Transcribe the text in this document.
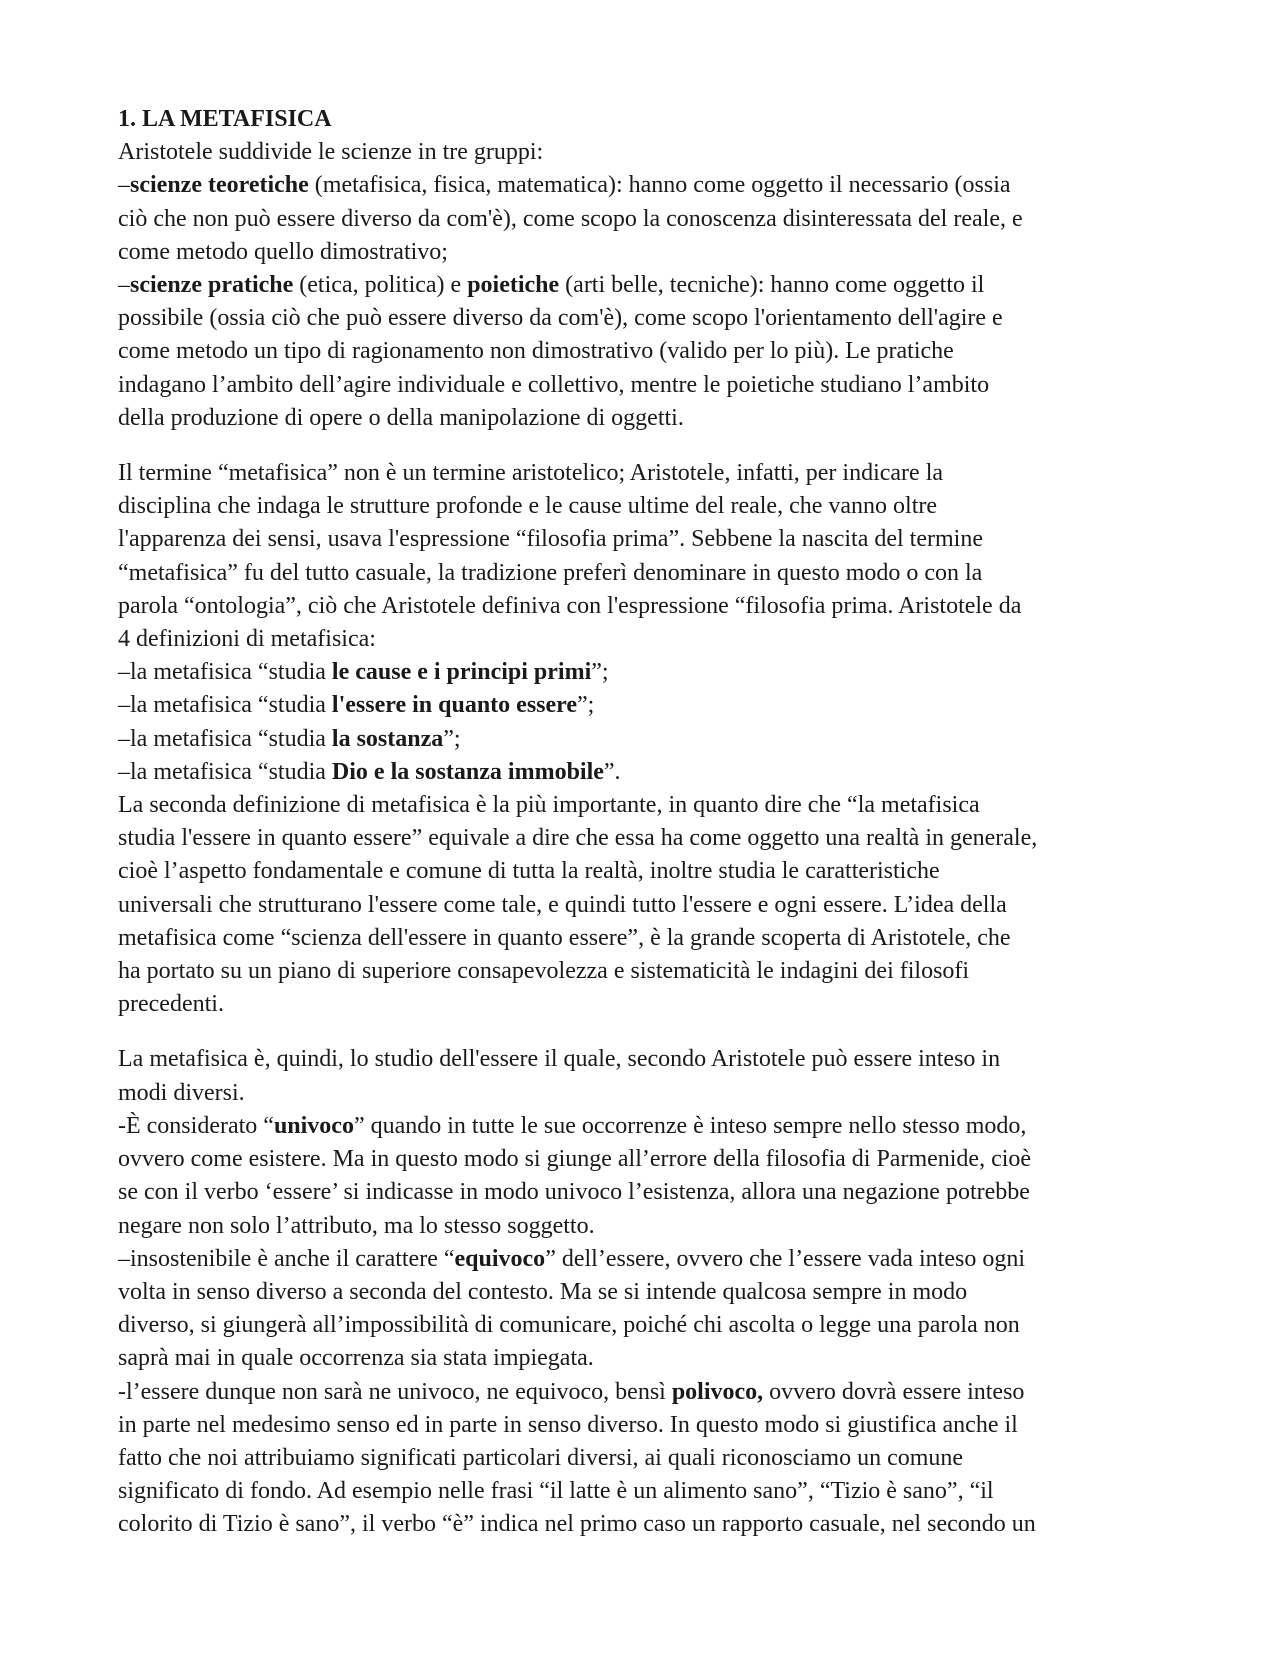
1. LA METAFISICA
Aristotele suddivide le scienze in tre gruppi:
–scienze teoretiche (metafisica, fisica, matematica): hanno come oggetto il necessario (ossia
ciò che non può essere diverso da com'è), come scopo la conoscenza disinteressata del reale, e
come metodo quello dimostrativo;
–scienze pratiche (etica, politica) e poietiche (arti belle, tecniche): hanno come oggetto il
possibile (ossia ciò che può essere diverso da com'è), come scopo l'orientamento dell'agire e
come metodo un tipo di ragionamento non dimostrativo (valido per lo più). Le pratiche
indagano l’ambito dell’agire individuale e collettivo, mentre le poietiche studiano l’ambito
della produzione di opere o della manipolazione di oggetti.
Il termine “metafisica” non è un termine aristotelico; Aristotele, infatti, per indicare la
disciplina che indaga le strutture profonde e le cause ultime del reale, che vanno oltre
l'apparenza dei sensi, usava l'espressione “filosofia prima”. Sebbene la nascita del termine
“metafisica” fu del tutto casuale, la tradizione preferì denominare in questo modo o con la
parola “ontologia”, ciò che Aristotele definiva con l'espressione “filosofia prima. Aristotele da
4 definizioni di metafisica:
–la metafisica “studia le cause e i principi primi”;
–la metafisica “studia l'essere in quanto essere”;
–la metafisica “studia la sostanza”;
–la metafisica “studia Dio e la sostanza immobile”.
La seconda definizione di metafisica è la più importante, in quanto dire che “la metafisica
studia l'essere in quanto essere” equivale a dire che essa ha come oggetto una realtà in generale,
cioè l’aspetto fondamentale e comune di tutta la realtà, inoltre studia le caratteristiche
universali che strutturano l'essere come tale, e quindi tutto l'essere e ogni essere. L’idea della
metafisica come “scienza dell'essere in quanto essere”, è la grande scoperta di Aristotele, che
ha portato su un piano di superiore consapevolezza e sistematicità le indagini dei filosofi
precedenti.
La metafisica è, quindi, lo studio dell'essere il quale, secondo Aristotele può essere inteso in
modi diversi.
-È considerato “univoco” quando in tutte le sue occorrenze è inteso sempre nello stesso modo,
ovvero come esistere. Ma in questo modo si giunge all’errore della filosofia di Parmenide, cioè
se con il verbo ‘essere’ si indicasse in modo univoco l’esistenza, allora una negazione potrebbe
negare non solo l’attributo, ma lo stesso soggetto.
–insostenibile è anche il carattere “equivoco” dell’essere, ovvero che l’essere vada inteso ogni
volta in senso diverso a seconda del contesto. Ma se si intende qualcosa sempre in modo
diverso, si giungerà all’impossibilità di comunicare, poiché chi ascolta o legge una parola non
saprà mai in quale occorrenza sia stata impiegata.
-l’essere dunque non sarà ne univoco, ne equivoco, bensì polivoco, ovvero dovrà essere inteso
in parte nel medesimo senso ed in parte in senso diverso. In questo modo si giustifica anche il
fatto che noi attribuiamo significati particolari diversi, ai quali riconosciamo un comune
significato di fondo. Ad esempio nelle frasi “il latte è un alimento sano”, “Tizio è sano”, “il
colorito di Tizio è sano”, il verbo “è” indica nel primo caso un rapporto casuale, nel secondo un
